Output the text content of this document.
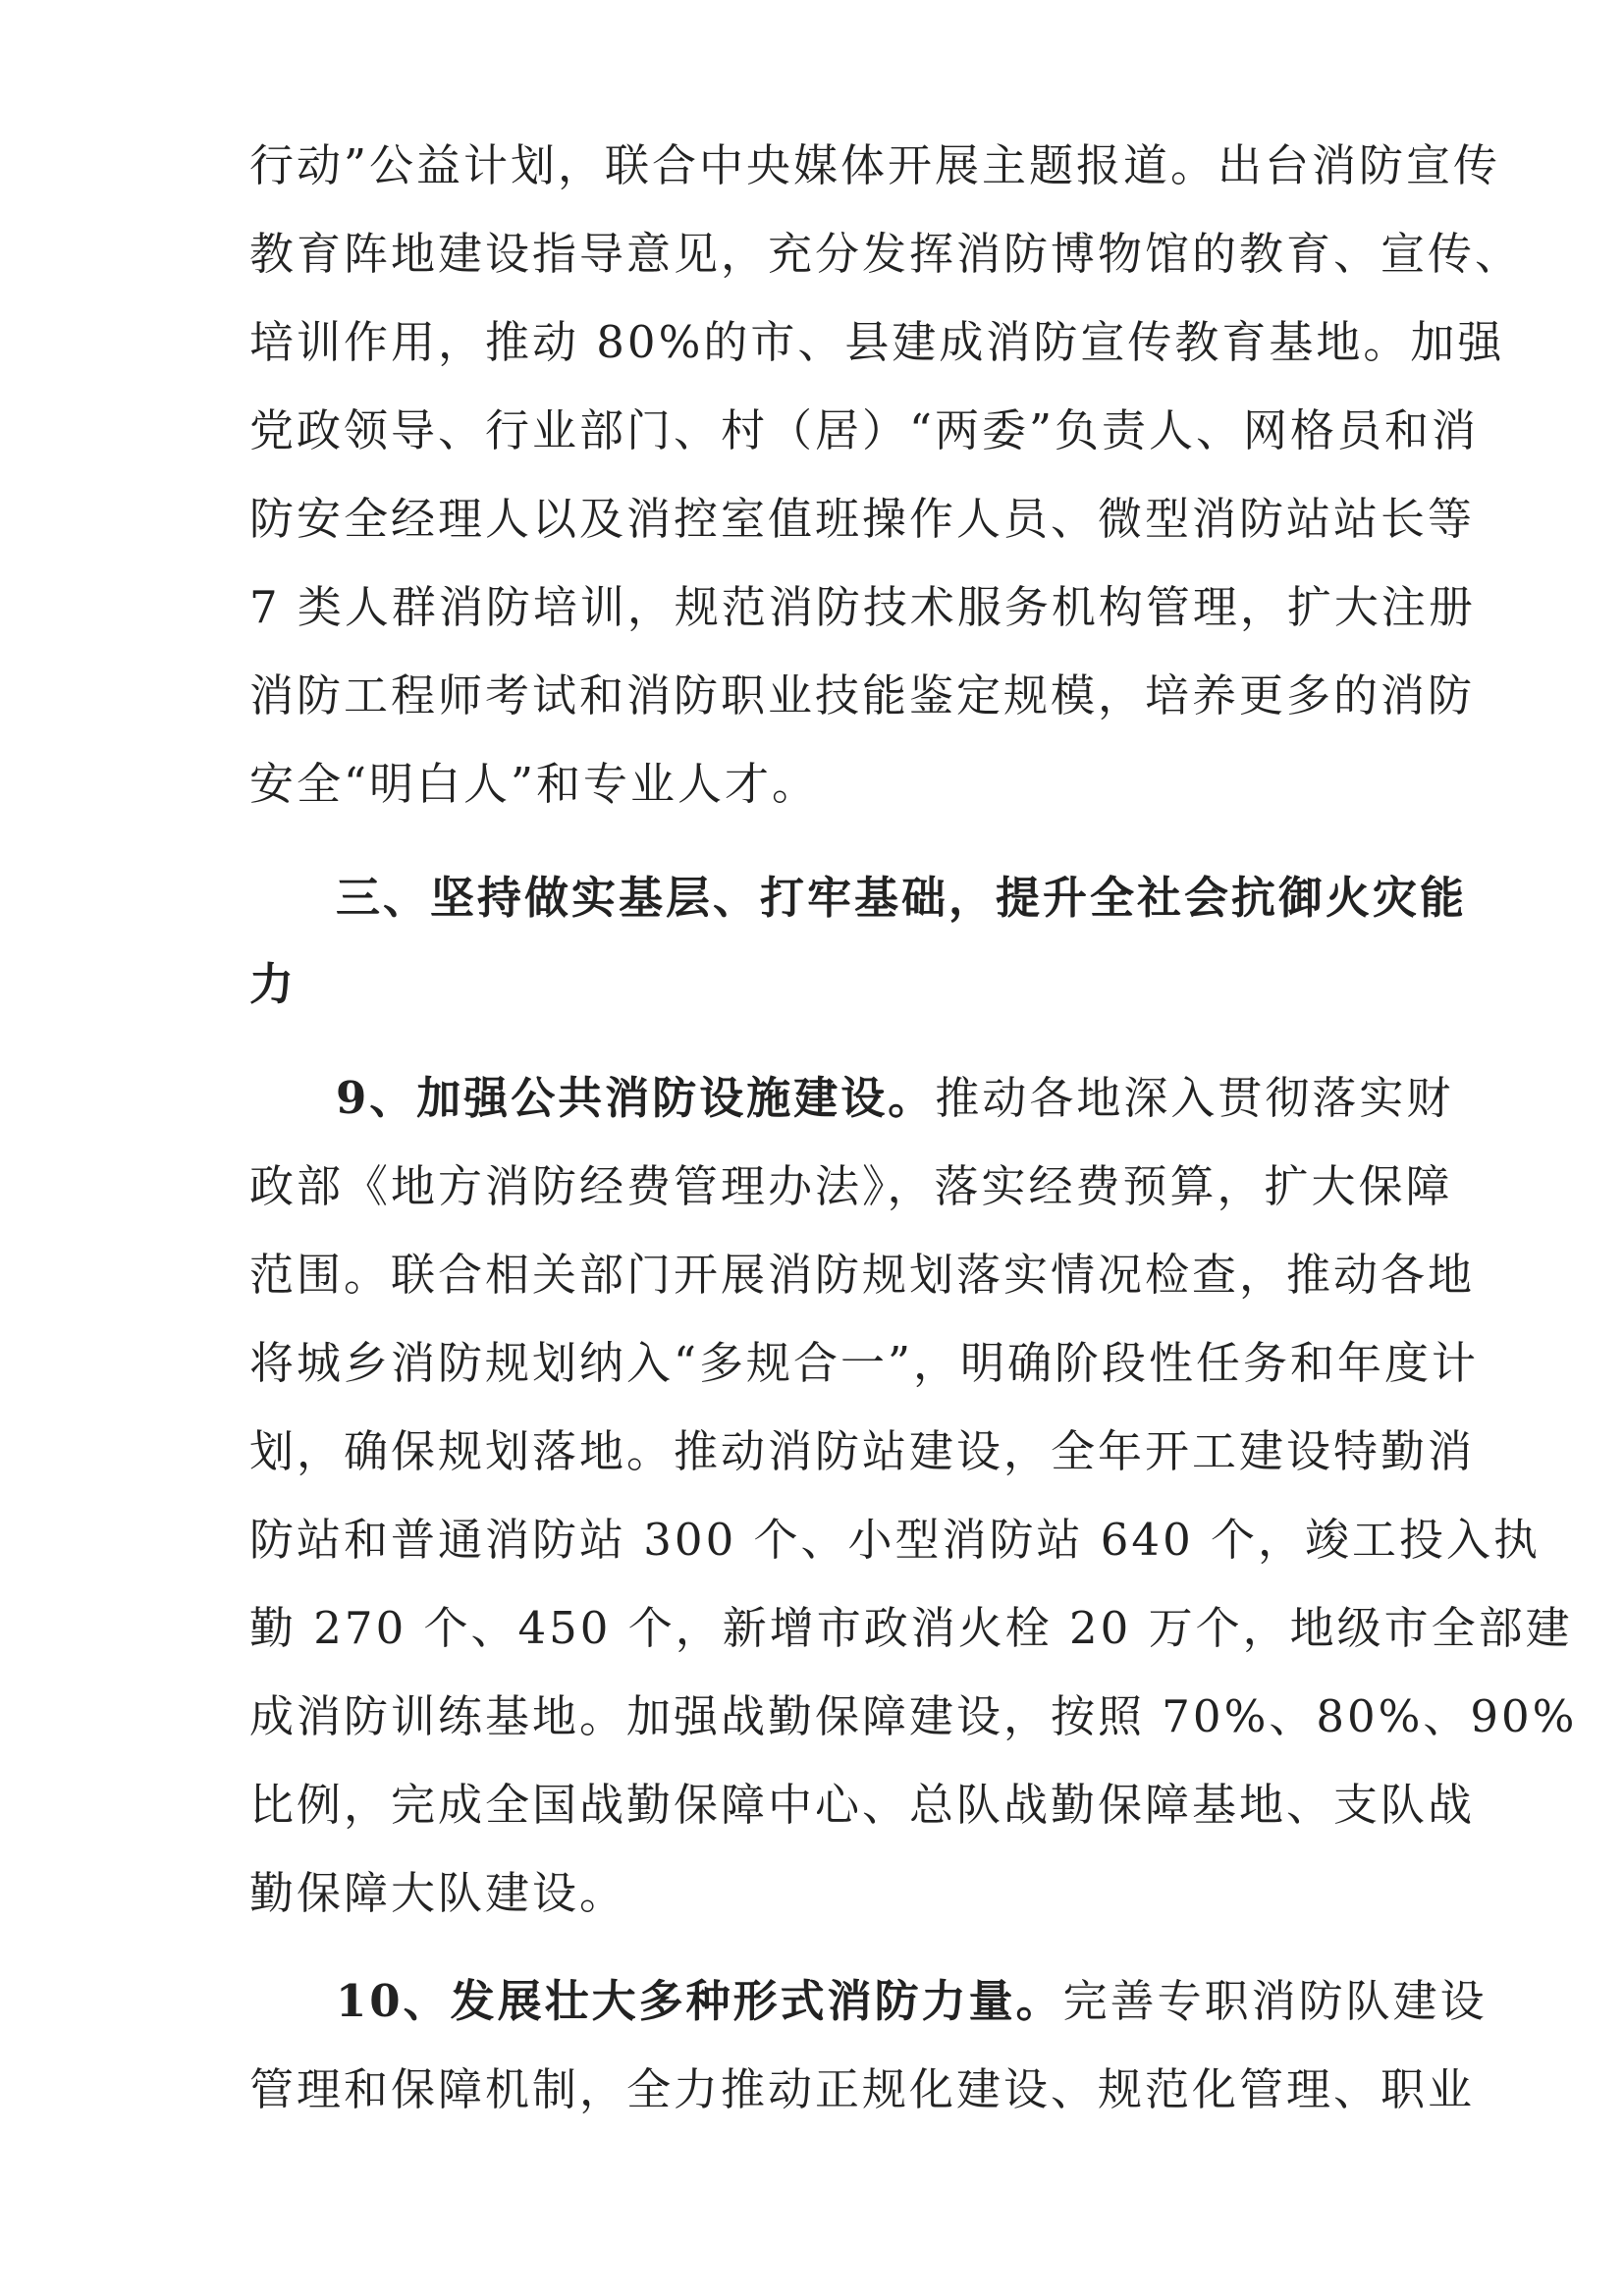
行动”公益计划，联合中央媒体开展主题报道。出台消防宣传
教育阵地建设指导意见，充分发挥消防博物馆的教育、宣传、
培训作用，推动 80%的市、县建成消防宣传教育基地。加强
党政领导、行业部门、村（居）“两委”负责人、网格员和消
防安全经理人以及消控室值班操作人员、微型消防站站长等
7 类人群消防培训，规范消防技术服务机构管理，扩大注册
消防工程师考试和消防职业技能鉴定规模，培养更多的消防
安全“明白人”和专业人才。
三、坚持做实基层、打牢基础，提升全社会抗御火灾能
力
9、加强公共消防设施建设。推动各地深入贯彻落实财
政部《地方消防经费管理办法》，落实经费预算，扩大保障
范围。联合相关部门开展消防规划落实情况检查，推动各地
将城乡消防规划纳入“多规合一”，明确阶段性任务和年度计
划，确保规划落地。推动消防站建设，全年开工建设特勤消
防站和普通消防站 300 个、小型消防站 640 个，竣工投入执
勤 270 个、450 个，新增市政消火栓 20 万个，地级市全部建
成消防训练基地。加强战勤保障建设，按照 70%、80%、90%
比例，完成全国战勤保障中心、总队战勤保障基地、支队战
勤保障大队建设。
10、发展壮大多种形式消防力量。完善专职消防队建设
管理和保障机制，全力推动正规化建设、规范化管理、职业
